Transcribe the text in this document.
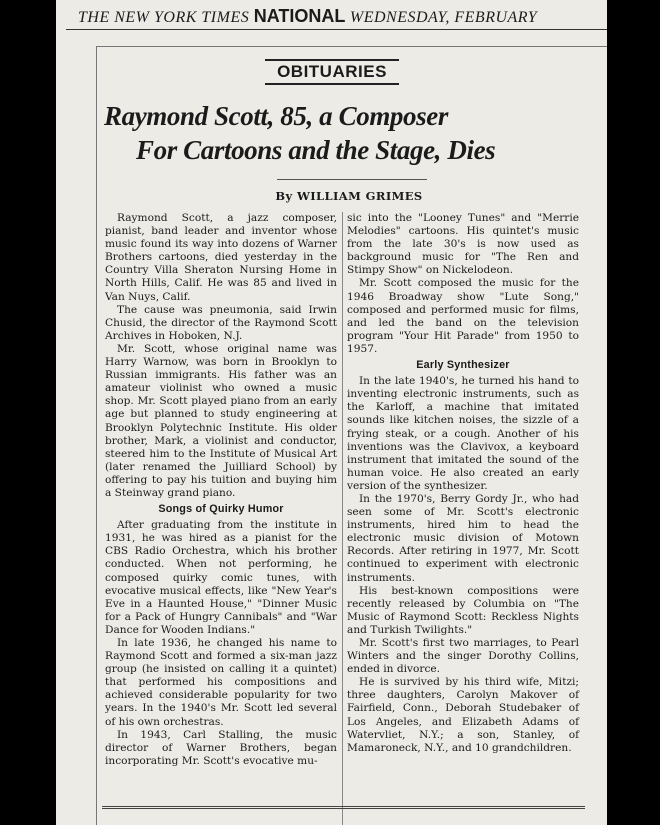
THE NEW YORK TIMES NATIONAL WEDNESDAY, FEBRUARY
OBITUARIES
Raymond Scott, 85, a Composer
For Cartoons and the Stage, Dies
By WILLIAM GRIMES

Raymond Scott, a jazz composer, pianist, band leader and inventor whose music found its way into dozens of Warner Brothers cartoons, died yesterday in the Country Villa Sheraton Nursing Home in North Hills, Calif. He was 85 and lived in Van Nuys, Calif.

The cause was pneumonia, said Irwin Chusid, the director of the Raymond Scott Archives in Hoboken, N.J.

Mr. Scott, whose original name was Harry Warnow, was born in Brooklyn to Russian immigrants. His father was an amateur violinist who owned a music shop. Mr. Scott played piano from an early age but planned to study engineering at Brooklyn Polytechnic Institute. His older brother, Mark, a violinist and conductor, steered him to the Institute of Musical Art (later renamed the Juilliard School) by offering to pay his tuition and buying him a Steinway grand piano.

Songs of Quirky Humor

After graduating from the institute in 1931, he was hired as a pianist for the CBS Radio Orchestra, which his brother conducted. When not performing, he composed quirky comic tunes, with evocative musical effects, like "New Year's Eve in a Haunted House," "Dinner Music for a Pack of Hungry Cannibals" and "War Dance for Wooden Indians."

In late 1936, he changed his name to Raymond Scott and formed a six-man jazz group (he insisted on calling it a quintet) that performed his compositions and achieved considerable popularity for two years. In the 1940's Mr. Scott led several of his own orchestras.

In 1943, Carl Stalling, the music director of Warner Brothers, began incorporating Mr. Scott's evocative mu-

sic into the "Looney Tunes" and "Merrie Melodies" cartoons. His quintet's music from the late 30's is now used as background music for "The Ren and Stimpy Show" on Nickelodeon.

Mr. Scott composed the music for the 1946 Broadway show "Lute Song," composed and performed music for films, and led the band on the television program "Your Hit Parade" from 1950 to 1957.

Early Synthesizer

In the late 1940's, he turned his hand to inventing electronic instruments, such as the Karloff, a machine that imitated sounds like kitchen noises, the sizzle of a frying steak, or a cough. Another of his inventions was the Clavivox, a keyboard instrument that imitated the sound of the human voice. He also created an early version of the synthesizer.

In the 1970's, Berry Gordy Jr., who had seen some of Mr. Scott's electronic instruments, hired him to head the electronic music division of Motown Records. After retiring in 1977, Mr. Scott continued to experiment with electronic instruments.

His best-known compositions were recently released by Columbia on "The Music of Raymond Scott: Reckless Nights and Turkish Twilights."

Mr. Scott's first two marriages, to Pearl Winters and the singer Dorothy Collins, ended in divorce.

He is survived by his third wife, Mitzi; three daughters, Carolyn Makover of Fairfield, Conn., Deborah Studebaker of Los Angeles, and Elizabeth Adams of Watervliet, N.Y.; a son, Stanley, of Mamaroneck, N.Y., and 10 grandchildren.
